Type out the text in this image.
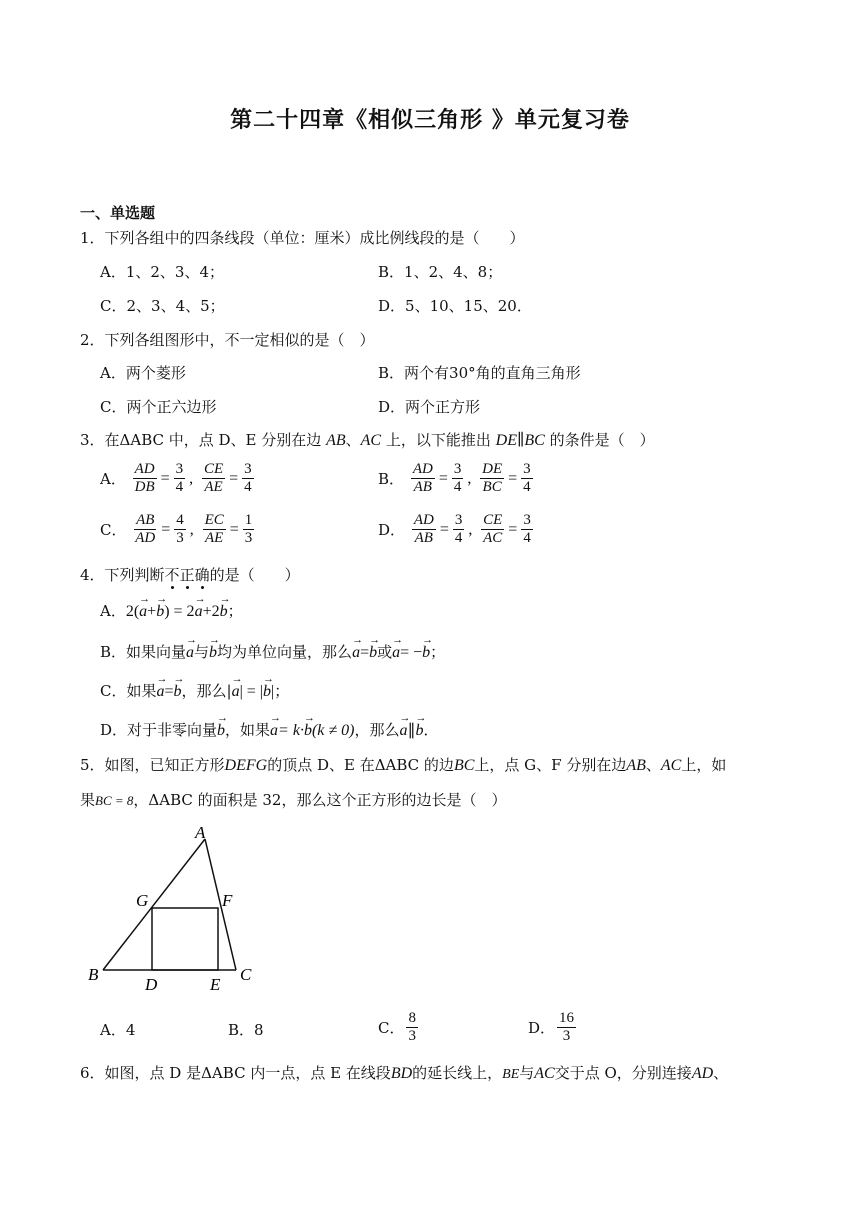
第二十四章《相似三角形 》单元复习卷
一、单选题
1．下列各组中的四条线段（单位：厘米）成比例线段的是（　　）
A．1、2、3、4；	B．1、2、4、8；
C．2、3、4、5；	D．5、10、15、20．
2．下列各组图形中，不一定相似的是（　）
A．两个菱形	B．两个有30°角的直角三角形
C．两个正六边形	D．两个正方形
3．在ΔABC 中，点 D、E 分别在边 AB、AC 上，以下能推出 DE∥BC 的条件是（　）
A． $\frac{AD}{DB} = \frac{3}{4}$ , $\frac{CE}{AE} = \frac{3}{4}$	B． $\frac{AD}{AB} = \frac{3}{4}$ , $\frac{DE}{BC} = \frac{3}{4}$
C． $\frac{AB}{AD} = \frac{4}{3}$ , $\frac{EC}{AE} = \frac{1}{3}$	D． $\frac{AD}{AB} = \frac{3}{4}$ , $\frac{CE}{AC} = \frac{3}{4}$
4．下列判断不正确的是（　　）
A．2(→ a+→ b) = 2→ a+2→ b；
B．如果向量→ a与→ b均为单位向量，那么→ a=→ b或→ a= −→ b；
C．如果→ a=→ b，那么|→ a| = |→ b|；
D．对于非零向量→ b，如果→ a= k·→ b(k ≠ 0)，那么→ a∥→ b．
5．如图，已知正方形DEFG的顶点 D、E 在ΔABC 的边BC上，点 G、F 分别在边AB、AC上，如
果BC = 8，ΔABC 的面积是 32，那么这个正方形的边长是（　）
A
B	C
D	E
F
G
A．4	B．8	C． $\frac{8}{3}$	D． $\frac{16}{3}$
6．如图，点 D 是ΔABC 内一点，点 E 在线段BD的延长线上，BE与AC交于点 O，分别连接AD、
